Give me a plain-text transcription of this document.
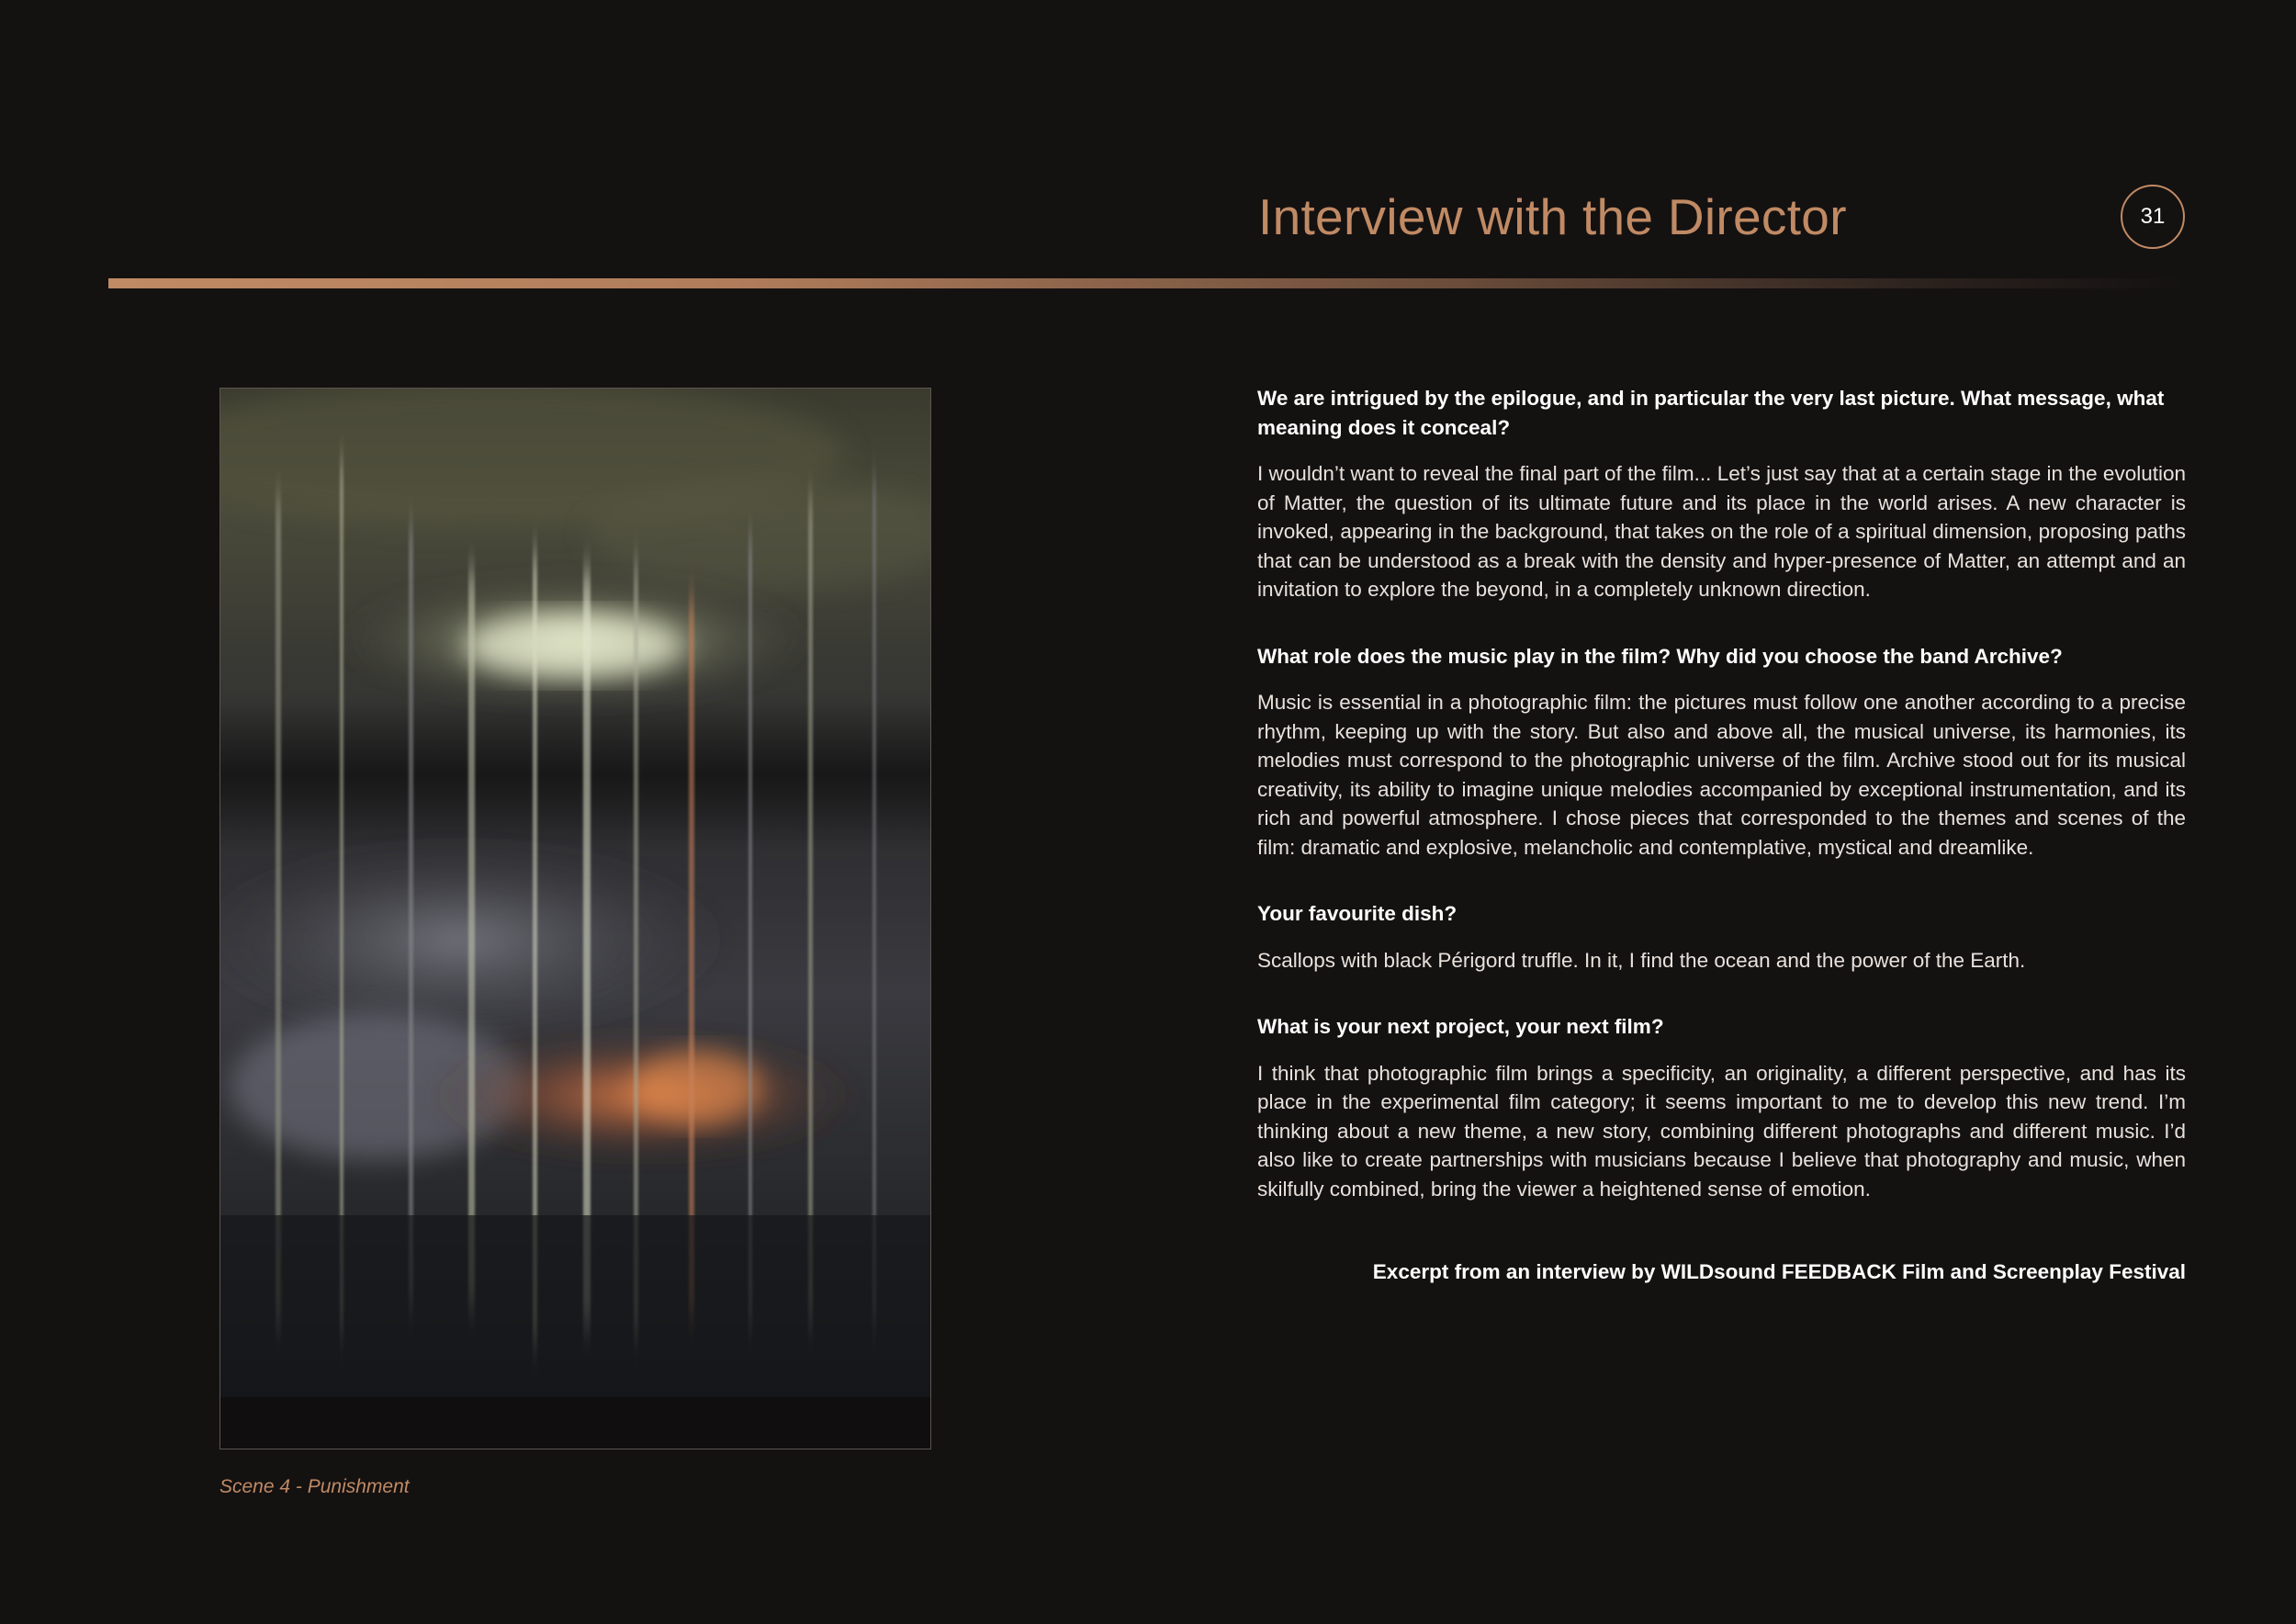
Interview with the Director	31
Scene 4 - Punishment

We are intrigued by the epilogue, and in particular the very last picture. What message, what meaning does it conceal?

I wouldn’t want to reveal the final part of the film... Let’s just say that at a certain stage in the evolution of Matter, the question of its ultimate future and its place in the world arises. A new character is invoked, appearing in the background, that takes on the role of a spiritual dimension, proposing paths that can be understood as a break with the density and hyper-presence of Matter, an attempt and an invitation to explore the beyond, in a completely unknown direction.

What role does the music play in the film? Why did you choose the band Archive?

Music is essential in a photographic film: the pictures must follow one another according to a precise rhythm, keeping up with the story. But also and above all, the musical universe, its harmonies, its melodies must correspond to the photographic universe of the film. Archive stood out for its musical creativity, its ability to imagine unique melodies accompanied by exceptional instrumentation, and its rich and powerful atmosphere. I chose pieces that corresponded to the themes and scenes of the film: dramatic and explosive, melancholic and contemplative, mystical and dreamlike.

Your favourite dish?

Scallops with black Périgord truffle. In it, I find the ocean and the power of the Earth.

What is your next project, your next film?

I think that photographic film brings a specificity, an originality, a different perspective, and has its place in the experimental film category; it seems important to me to develop this new trend. I’m thinking about a new theme, a new story, combining different photographs and different music. I’d also like to create partnerships with musicians because I believe that photography and music, when skilfully combined, bring the viewer a heightened sense of emotion.

Excerpt from an interview by WILDsound FEEDBACK Film and Screenplay Festival
